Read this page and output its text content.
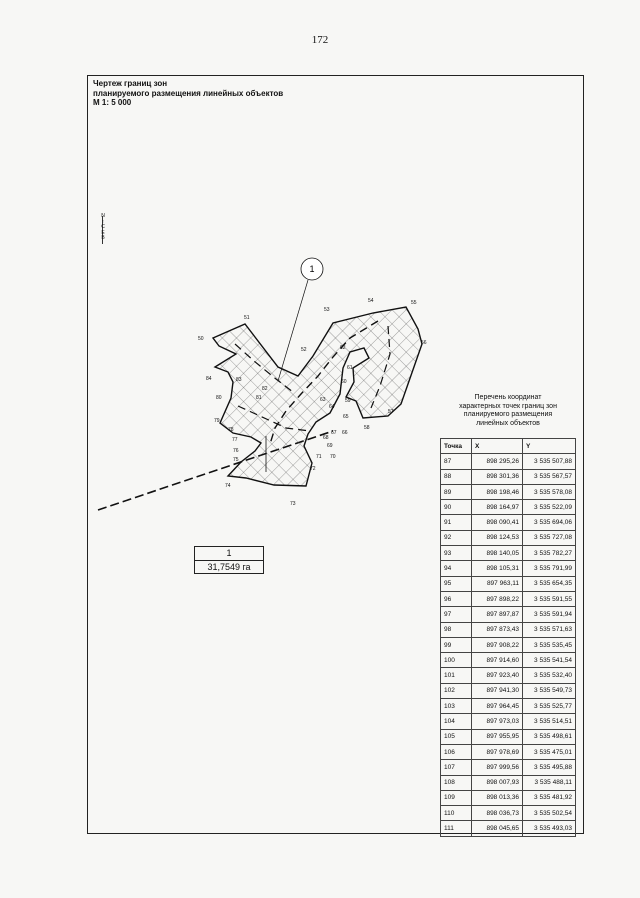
172
Чертеж границ зон
планируемого размещения линейных объектов
М 1: 5 000
N
↑
С
Е
В
1
50
51
52
53
54	55
56
57
58
59
60
61
62
63
64
65
66
67
68
69
70
71
72
73
74
75
76
77
78
79
80	81
82
83
84
1
31,7549 га
Перечень координат
характерных точек границ зон
планируемого размещения
линейных объектов
Точка	X	Y
87	898 295,26	3 535 507,88
88	898 301,36	3 535 567,57
89	898 198,46	3 535 578,08
90	898 164,97	3 535 522,09
91	898 090,41	3 535 694,06
92	898 124,53	3 535 727,08
93	898 140,05	3 535 782,27
94	898 105,31	3 535 791,99
95	897 963,11	3 535 654,35
96	897 898,22	3 535 591,55
97	897 897,87	3 535 591,94
98	897 873,43	3 535 571,63
99	897 908,22	3 535 535,45
100	897 914,60	3 535 541,54
101	897 923,40	3 535 532,40
102	897 941,30	3 535 549,73
103	897 964,45	3 535 525,77
104	897 973,03	3 535 514,51
105	897 955,95	3 535 498,61
106	897 978,69	3 535 475,01
107	897 999,56	3 535 495,88
108	898 007,93	3 535 488,11
109	898 013,36	3 535 481,92
110	898 036,73	3 535 502,54
111	898 045,65	3 535 493,03
